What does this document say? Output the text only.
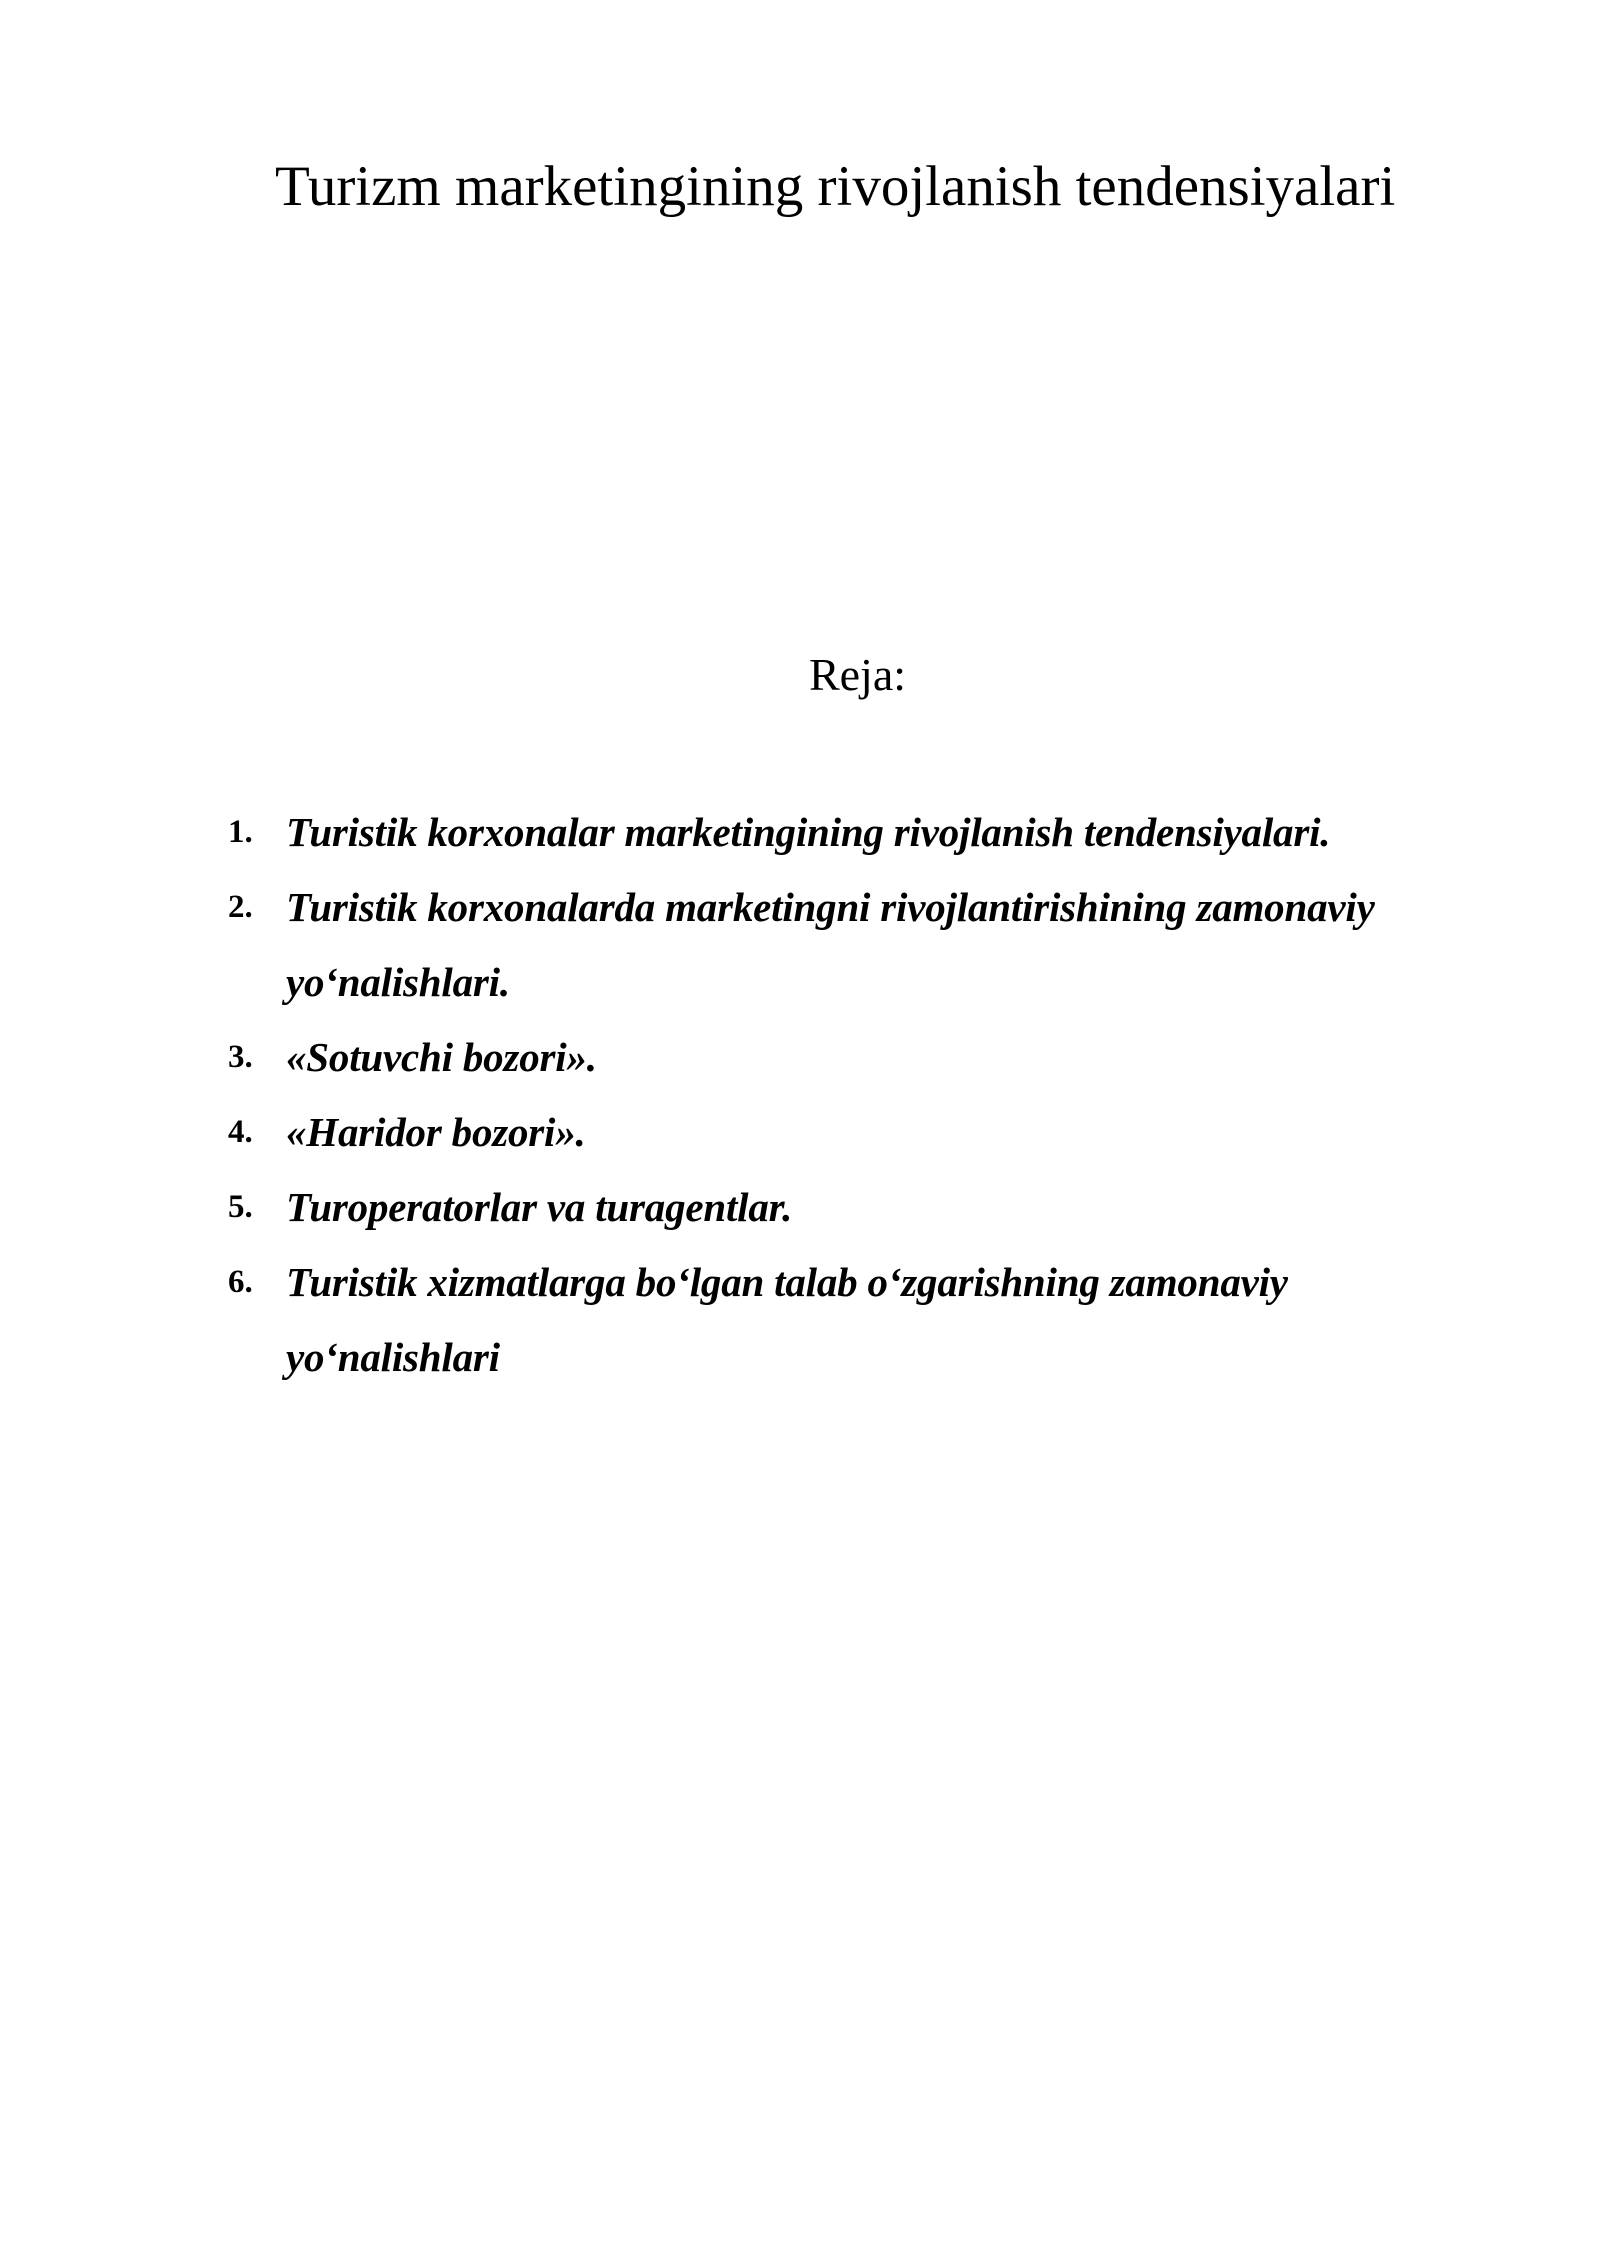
Turizm marketingining rivojlanish tendensiyalari
Reja:
1. Turistik korxonalar marketingining rivojlanish tendensiyalari.
2. Turistik korxonalarda marketingni rivojlantirishining zamonaviy yo‘nalishlari.
3. «Sotuvchi bozori».
4. «Haridor bozori».
5. Turoperatorlar va turagentlar.
6. Turistik xizmatlarga bo‘lgan talab o‘zgarishning zamonaviy yo‘nalishlari
